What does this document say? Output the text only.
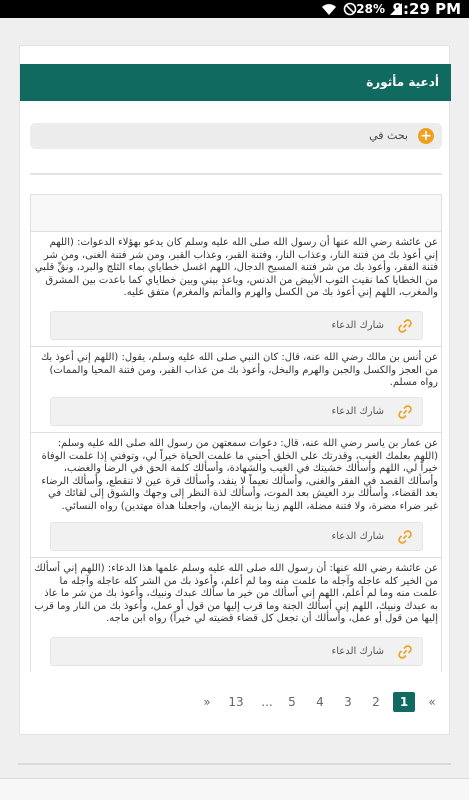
28% 9:29 PM
أدعية مأثورة
+
بحث في
عن عائشة رضي الله عنها أن رسول الله صلى الله عليه وسلم كان يدعو بهؤلاء الدعوات: (اللهم إني أعوذ بك من فتنة النار، وعذاب النار، وفتنة القبر، وعذاب القبر، ومن شر فتنة الغنى، ومن شر فتنة الفقر، وأعوذ بك من شر فتنة المسيح الدجال، اللهم اغسل خطاياي بماء الثلج والبرد، ونقِّ قلبي من الخطايا كما نقيت الثوب الأبيض من الدنس، وباعد بيني وبين خطاياي كما باعدت بين المشرق والمغرب، اللهم إني أعوذ بك من الكسل والهرم والمأثم والمغرم) متفق عليه.
شارك الدعاء
عن أنس بن مالك رضي الله عنه، قال: كان النبي صلى الله عليه وسلم، يقول: (اللهم إني أعوذ بك من العجز والكسل والجبن والهرم والبخل، وأعوذ بك من عذاب القبر، ومن فتنة المحيا والممات) رواه مسلم.
شارك الدعاء
عن عمار بن ياسر رضي الله عنه، قال: دعوات سمعتهن من رسول الله صلى الله عليه وسلم: (اللهم بعلمك الغيب، وقدرتك على الخلق أحيني ما علمت الحياة خيراً لي، وتوفني إذا علمت الوفاة خيراً لي، اللهم وأسألك خشيتك في الغيب والشهادة، وأسألك كلمة الحق في الرضا والغضب، وأسألك القصد في الفقر والغنى، وأسألك نعيماً لا ينفد، وأسألك قرة عين لا تنقطع، وأسألك الرضاء بعد القضاء، وأسألك برد العيش بعد الموت، وأسألك لذة النظر إلى وجهك والشوق إلى لقائك في غير ضراء مضرة، ولا فتنة مضلة، اللهم زينا بزينة الإيمان، واجعلنا هداة مهتدين) رواه النسائي.
شارك الدعاء
عن عائشة رضي الله عنها: أن رسول الله صلى الله عليه وسلم علمها هذا الدعاء: (اللهم إني أسألك من الخير كله عاجله وآجله ما علمت منه وما لم أعلم، وأعوذ بك من الشر كله عاجله وآجله ما علمت منه وما لم أعلم، اللهم إني أسألك من خير ما سألك عبدك ونبيك، وأعوذ بك من شر ما عاذ به عبدك ونبيك، اللهم إني أسألك الجنة وما قرب إليها من قول أو عمل، وأعوذ بك من النار وما قرب إليها من قول أو عمل، وأسألك أن تجعل كل قضاء قضيته لي خيراً) رواه ابن ماجه.
شارك الدعاء
«
1
2
3
4
5
...
13
»
